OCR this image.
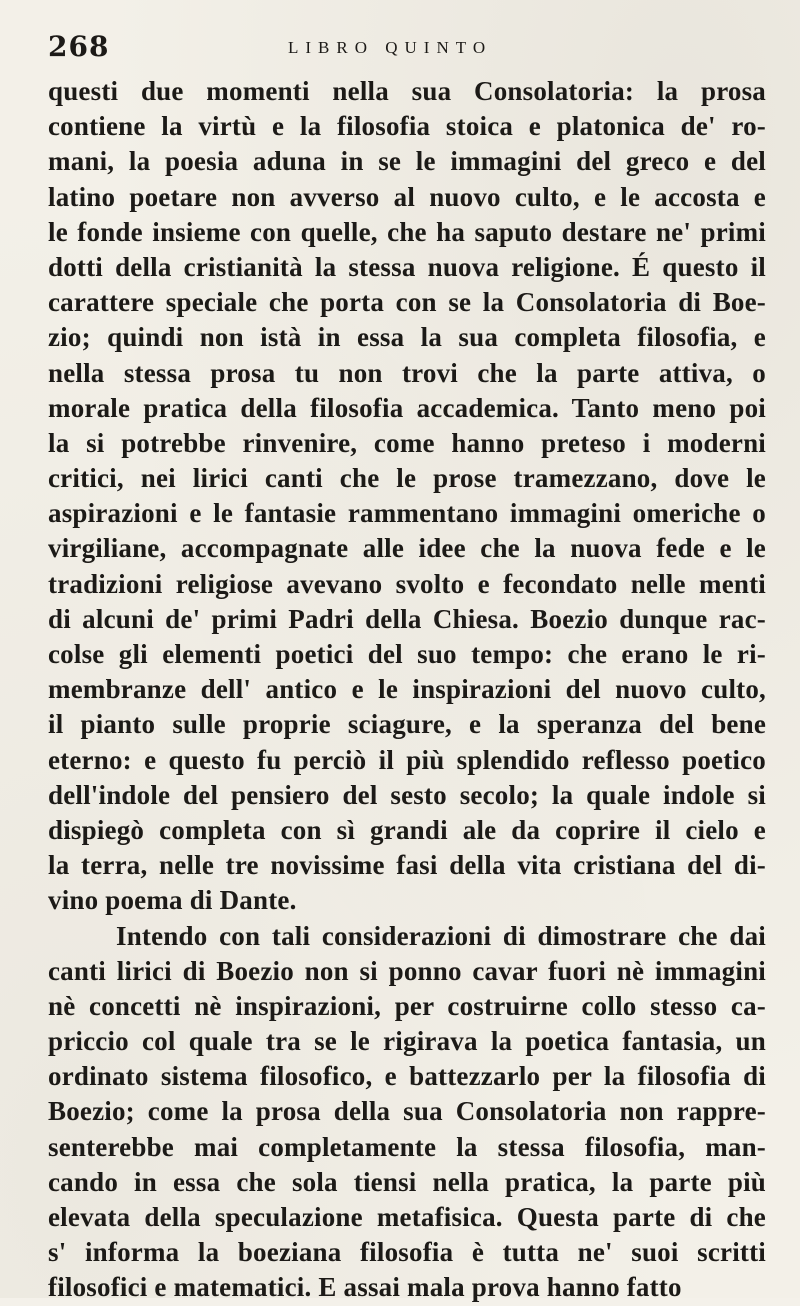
268	LIBRO QUINTO
questi due momenti nella sua Consolatoria: la prosa
contiene la virtù e la filosofia stoica e platonica de' ro-
mani, la poesia aduna in se le immagini del greco e del
latino poetare non avverso al nuovo culto, e le accosta e
le fonde insieme con quelle, che ha saputo destare ne' primi
dotti della cristianità la stessa nuova religione. É questo il
carattere speciale che porta con se la Consolatoria di Boe-
zio; quindi non istà in essa la sua completa filosofia, e
nella stessa prosa tu non trovi che la parte attiva, o
morale pratica della filosofia accademica. Tanto meno poi
la si potrebbe rinvenire, come hanno preteso i moderni
critici, nei lirici canti che le prose tramezzano, dove le
aspirazioni e le fantasie rammentano immagini omeriche o
virgiliane, accompagnate alle idee che la nuova fede e le
tradizioni religiose avevano svolto e fecondato nelle menti
di alcuni de' primi Padri della Chiesa. Boezio dunque rac-
colse gli elementi poetici del suo tempo: che erano le ri-
membranze dell' antico e le inspirazioni del nuovo culto,
il pianto sulle proprie sciagure, e la speranza del bene
eterno: e questo fu perciò il più splendido reflesso poetico
dell'indole del pensiero del sesto secolo; la quale indole si
dispiegò completa con sì grandi ale da coprire il cielo e
la terra, nelle tre novissime fasi della vita cristiana del di-
vino poema di Dante.
Intendo con tali considerazioni di dimostrare che dai
canti lirici di Boezio non si ponno cavar fuori nè immagini
nè concetti nè inspirazioni, per costruirne collo stesso ca-
priccio col quale tra se le rigirava la poetica fantasia, un
ordinato sistema filosofico, e battezzarlo per la filosofia di
Boezio; come la prosa della sua Consolatoria non rappre-
senterebbe mai completamente la stessa filosofia, man-
cando in essa che sola tiensi nella pratica, la parte più
elevata della speculazione metafisica. Questa parte di che
s' informa la boeziana filosofia è tutta ne' suoi scritti
filosofici e matematici. E assai mala prova hanno fatto
